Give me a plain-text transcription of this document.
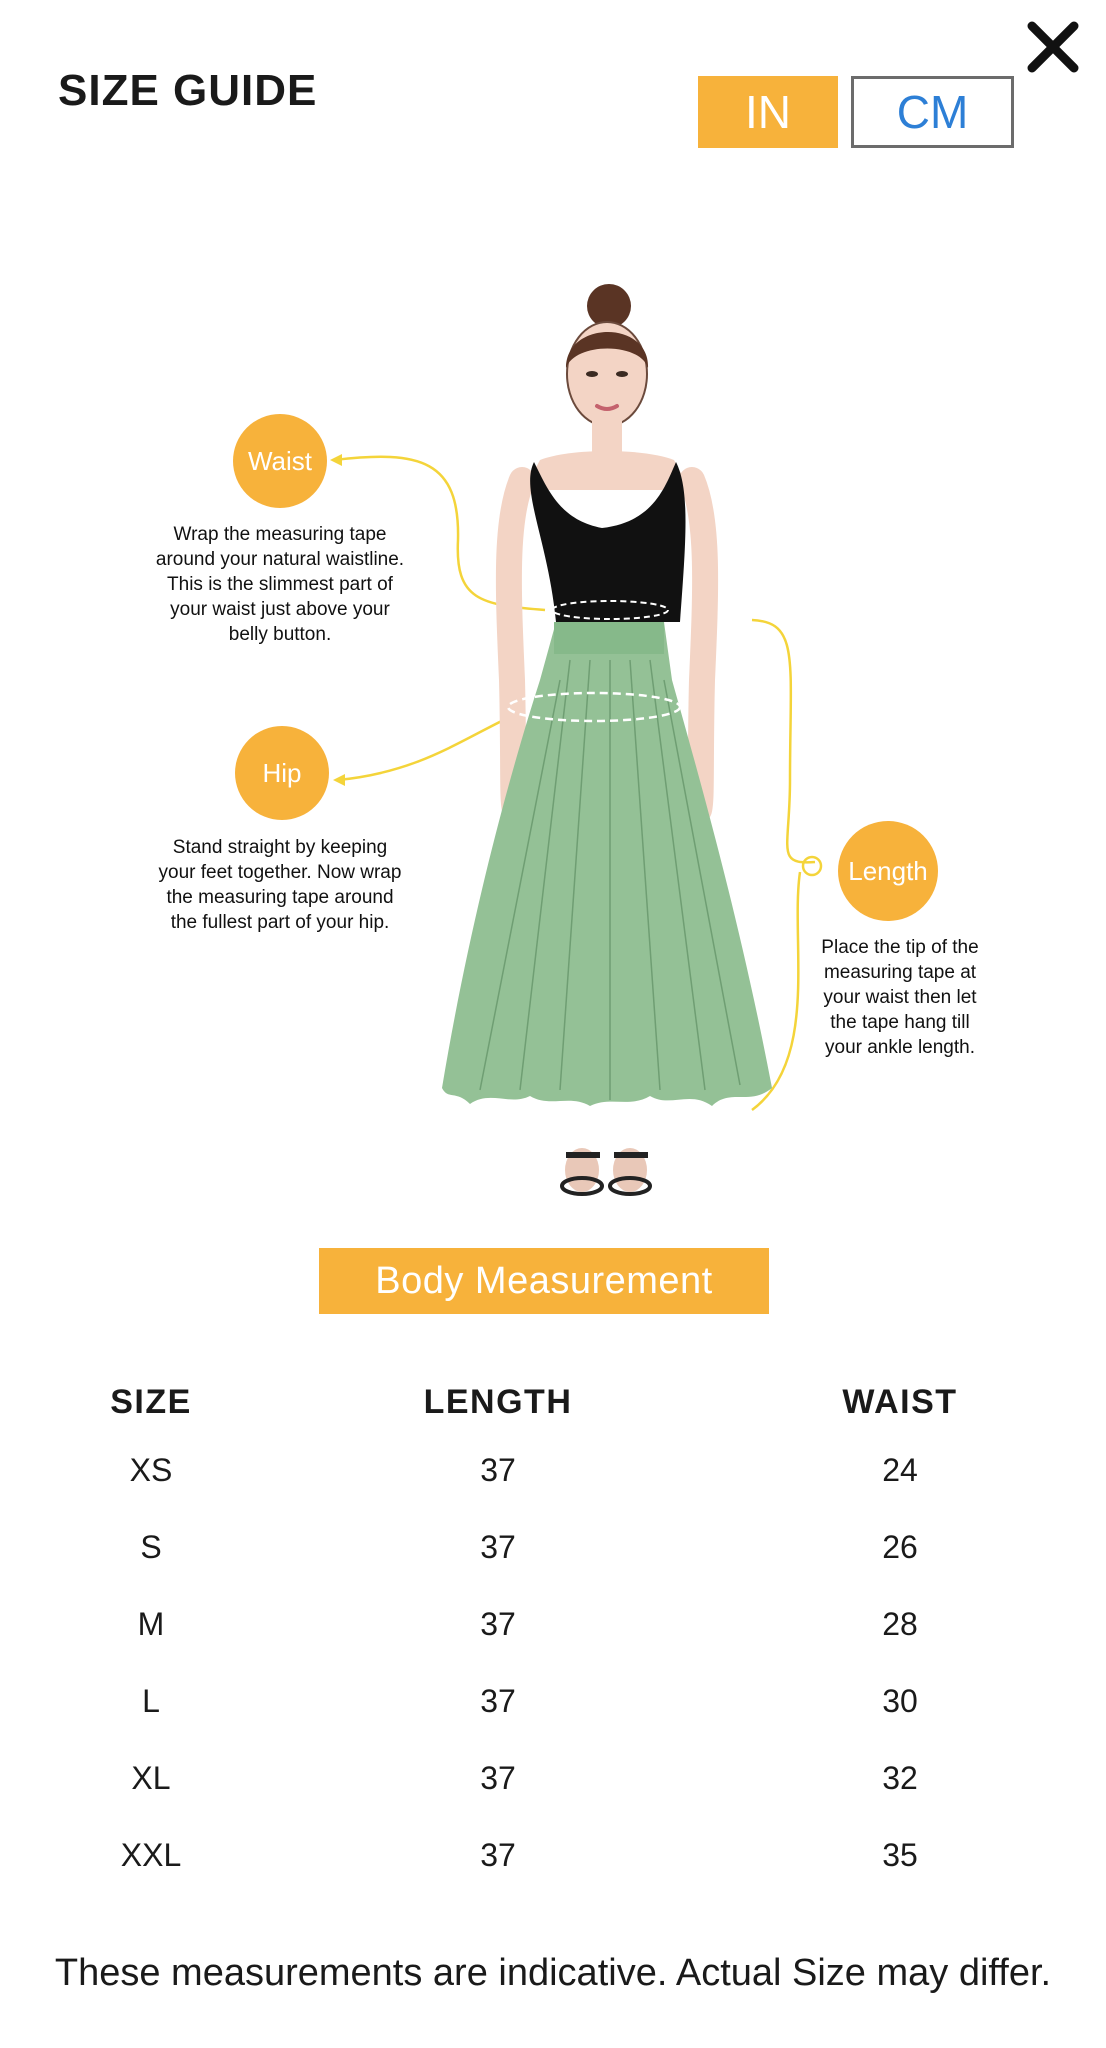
SIZE GUIDE	IN	CM
Waist
Wrap the measuring tape
around your natural waistline.
This is the slimmest part of
your waist just above your
belly button.
Hip
Stand straight by keeping
your feet together. Now wrap
the measuring tape around
the fullest part of your hip.
Length
Place the tip of the
measuring tape at
your waist then let
the tape hang till
your ankle length.
Body Measurement
SIZE	LENGTH	WAIST
XS	37	24
S	37	26
M	37	28
L	37	30
XL	37	32
XXL	37	35
These measurements are indicative. Actual Size may differ.
